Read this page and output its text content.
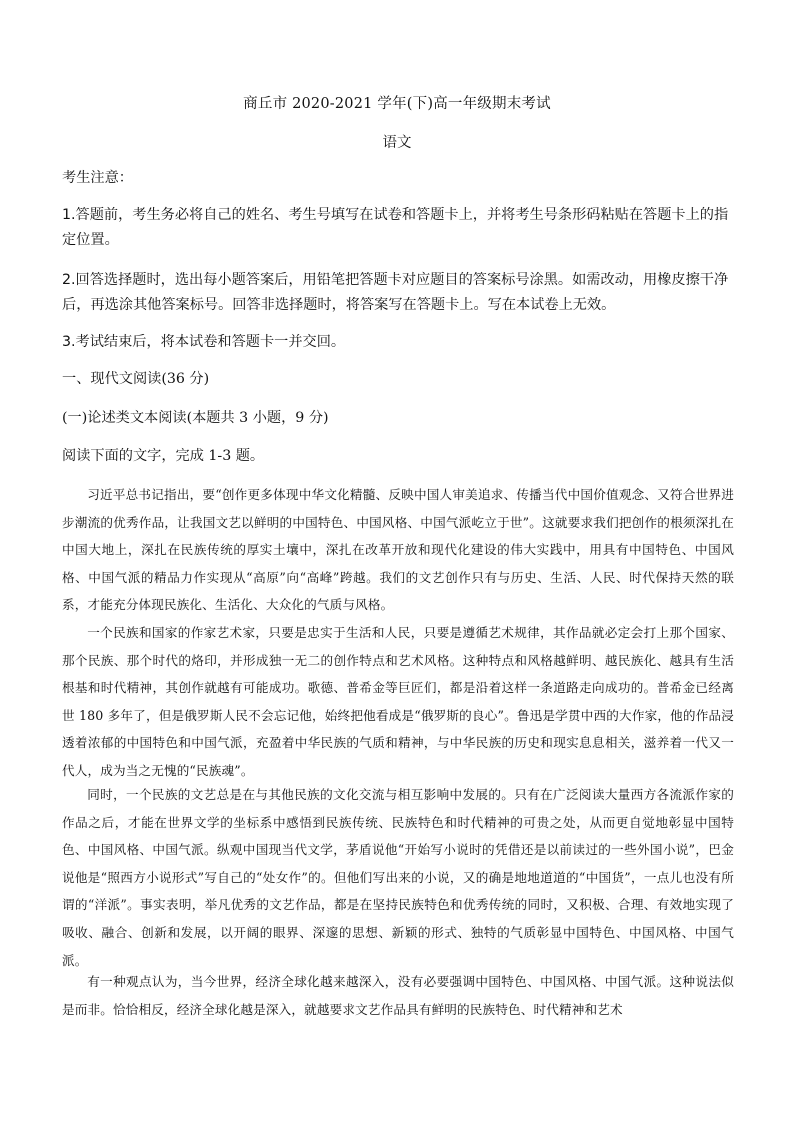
商丘市 2020-2021 学年(下)高一年级期末考试
语文

考生注意：

1.答题前，考生务必将自己的姓名、考生号填写在试卷和答题卡上，并将考生号条形码粘贴在答题卡上的指定位置。

2.回答选择题时，选出每小题答案后，用铅笔把答题卡对应题目的答案标号涂黑。如需改动，用橡皮擦干净后，再选涂其他答案标号。回答非选择题时，将答案写在答题卡上。写在本试卷上无效。

3.考试结束后，将本试卷和答题卡一并交回。

一、现代文阅读(36 分)

(一)论述类文本阅读(本题共 3 小题，9 分)

阅读下面的文字，完成 1-3 题。

习近平总书记指出，要“创作更多体现中华文化精髓、反映中国人审美追求、传播当代中国价值观念、又符合世界进步潮流的优秀作品，让我国文艺以鲜明的中国特色、中国风格、中国气派屹立于世”。这就要求我们把创作的根须深扎在中国大地上，深扎在民族传统的厚实土壤中，深扎在改革开放和现代化建设的伟大实践中，用具有中国特色、中国风格、中国气派的精品力作实现从“高原”向“高峰”跨越。我们的文艺创作只有与历史、生活、人民、时代保持天然的联系，才能充分体现民族化、生活化、大众化的气质与风格。

一个民族和国家的作家艺术家，只要是忠实于生活和人民，只要是遵循艺术规律，其作品就必定会打上那个国家、那个民族、那个时代的烙印，并形成独一无二的创作特点和艺术风格。这种特点和风格越鲜明、越民族化、越具有生活根基和时代精神，其创作就越有可能成功。歌德、普希金等巨匠们，都是沿着这样一条道路走向成功的。普希金已经离世 180 多年了，但是俄罗斯人民不会忘记他，始终把他看成是“俄罗斯的良心”。鲁迅是学贯中西的大作家，他的作品浸透着浓郁的中国特色和中国气派，充盈着中华民族的气质和精神，与中华民族的历史和现实息息相关，滋养着一代又一代人，成为当之无愧的“民族魂”。

同时，一个民族的文艺总是在与其他民族的文化交流与相互影响中发展的。只有在广泛阅读大量西方各流派作家的作品之后，才能在世界文学的坐标系中感悟到民族传统、民族特色和时代精神的可贵之处，从而更自觉地彰显中国特色、中国风格、中国气派。纵观中国现当代文学，茅盾说他“开始写小说时的凭借还是以前读过的一些外国小说”，巴金说他是“照西方小说形式”写自己的“处女作”的。但他们写出来的小说，又的确是地地道道的“中国货”，一点儿也没有所谓的“洋派”。事实表明，举凡优秀的文艺作品，都是在坚持民族特色和优秀传统的同时，又积极、合理、有效地实现了吸收、融合、创新和发展，以开阔的眼界、深邃的思想、新颖的形式、独特的气质彰显中国特色、中国风格、中国气派。

有一种观点认为，当今世界，经济全球化越来越深入，没有必要强调中国特色、中国风格、中国气派。这种说法似是而非。恰恰相反，经济全球化越是深入，就越要求文艺作品具有鲜明的民族特色、时代精神和艺术
